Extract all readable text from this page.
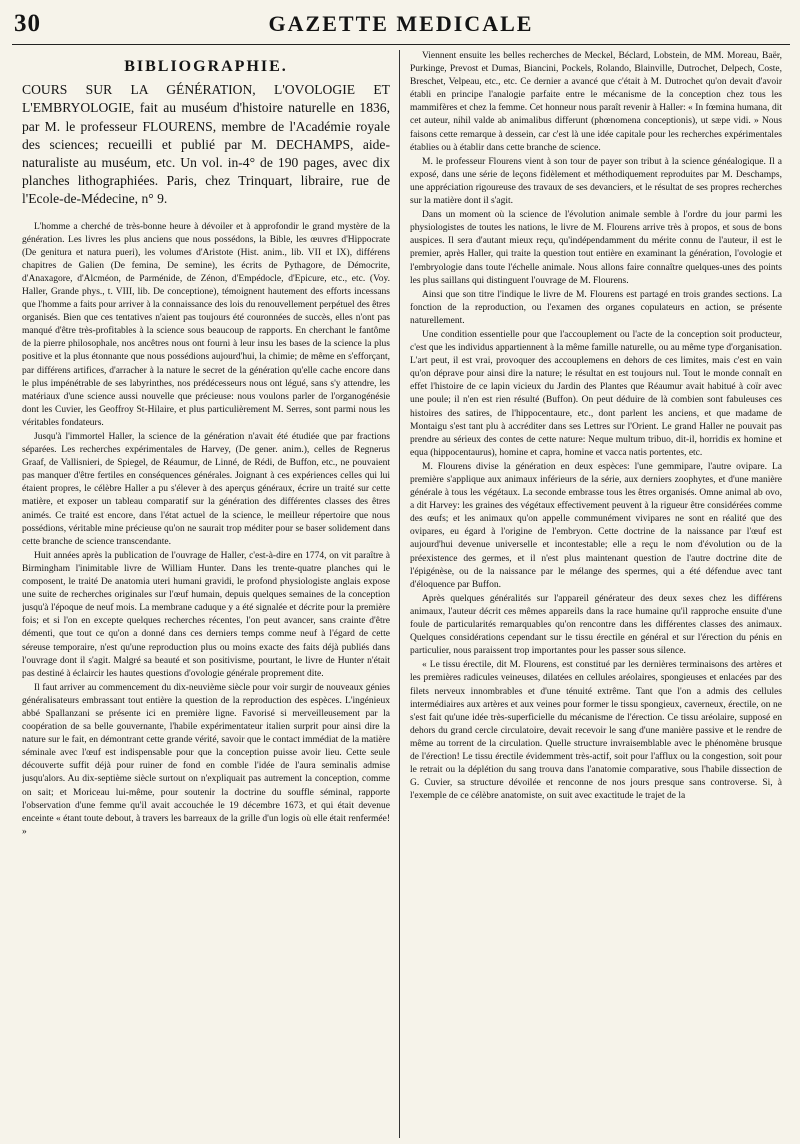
30	GAZETTE MEDICALE
BIBLIOGRAPHIE.

COURS SUR LA GÉNÉRATION, L'OVOLOGIE ET L'EMBRYOLOGIE, fait au muséum d'histoire naturelle en 1836, par M. le professeur FLOURENS, membre de l'Académie royale des sciences; recueilli et publié par M. DECHAMPS, aide-naturaliste au muséum, etc. Un vol. in-4° de 190 pages, avec dix planches lithographiées. Paris, chez Trinquart, libraire, rue de l'Ecole-de-Médecine, n° 9.

L'homme a cherché de très-bonne heure à dévoiler et à approfondir le grand mystère de la génération. Les livres les plus anciens que nous possédons, la Bible, les œuvres d'Hippocrate (De genitura et natura pueri), les volumes d'Aristote (Hist. anim., lib. VII et IX), différens chapitres de Galien (De femina, De semine), les écrits de Pythagore, de Démocrite, d'Anaxagore, d'Alcméon, de Parménide, de Zénon, d'Empédocle, d'Epicure, etc., etc. (Voy. Haller, Grande phys., t. VIII, lib. De conceptione), témoignent hautement des efforts incessans que l'homme a faits pour arriver à la connaissance des lois du renouvellement perpétuel des êtres organisés. Bien que ces tentatives n'aient pas toujours été couronnées de succès, elles n'ont pas manqué d'être très-profitables à la science sous beaucoup de rapports. En cherchant le fantôme de la pierre philosophale, nos ancêtres nous ont fourni à leur insu les bases de la science la plus positive et la plus étonnante que nous possédions aujourd'hui, la chimie; de même en s'efforçant, par différens artifices, d'arracher à la nature le secret de la génération qu'elle cache encore dans le plus impénétrable de ses labyrinthes, nos prédécesseurs nous ont légué, sans s'y attendre, les matériaux d'une science aussi nouvelle que précieuse: nous voulons parler de l'organogénésie dont les Cuvier, les Geoffroy St-Hilaire, et plus particulièrement M. Serres, sont parmi nous les véritables fondateurs.

Jusqu'à l'immortel Haller, la science de la génération n'avait été étudiée que par fractions séparées. Les recherches expérimentales de Harvey, (De gener. anim.), celles de Regnerus Graaf, de Vallisnieri, de Spiegel, de Réaumur, de Linné, de Rédi, de Buffon, etc., ne pouvaient pas manquer d'être fertiles en conséquences générales. Joignant à ces expériences celles qui lui étaient propres, le célèbre Haller a pu s'élever à des aperçus généraux, écrire un traité sur cette matière, et exposer un tableau comparatif sur la génération des différentes classes des êtres animés. Ce traité est encore, dans l'état actuel de la science, le meilleur répertoire que nous possédions, véritable mine précieuse qu'on ne saurait trop méditer pour se baser solidement dans cette branche de science transcendante.

Huit années après la publication de l'ouvrage de Haller, c'est-à-dire en 1774, on vit paraître à Birmingham l'inimitable livre de William Hunter. Dans les trente-quatre planches qui le composent, le traité De anatomia uteri humani gravidi, le profond physiologiste anglais expose une suite de recherches originales sur l'œuf humain, depuis quelques semaines de la conception jusqu'à l'époque de neuf mois. La membrane caduque y a été signalée et décrite pour la première fois; et si l'on en excepte quelques recherches récentes, l'on peut avancer, sans crainte d'être démenti, que tout ce qu'on a donné dans ces derniers temps comme neuf à l'égard de cette séreuse temporaire, n'est qu'une reproduction plus ou moins exacte des faits déjà publiés dans l'ouvrage dont il s'agit. Malgré sa beauté et son positivisme, pourtant, le livre de Hunter n'était pas destiné à éclaircir les hautes questions d'ovologie générale proprement dite.

Il faut arriver au commencement du dix-neuvième siècle pour voir surgir de nouveaux génies généralisateurs embrassant tout entière la question de la reproduction des espèces. L'ingénieux abbé Spallanzani se présente ici en première ligne. Favorisé si merveilleusement par la coopération de sa belle gouvernante, l'habile expérimentateur italien surprit pour ainsi dire la nature sur le fait, en démontrant cette grande vérité, savoir que le contact immédiat de la matière séminale avec l'œuf est indispensable pour que la conception puisse avoir lieu. Cette seule découverte suffit déjà pour ruiner de fond en comble l'idée de l'aura seminalis admise jusqu'alors. Au dix-septième siècle surtout on n'expliquait pas autrement la conception, comme on sait; et Moriceau lui-même, pour soutenir la doctrine du souffle séminal, rapporte l'observation d'une femme qu'il avait accouchée le 19 décembre 1673, et qui était devenue enceinte « étant toute debout, à travers les barreaux de la grille d'un logis où elle était renfermée! »

Viennent ensuite les belles recherches de Meckel, Béclard, Lobstein, de MM. Moreau, Baër, Purkinge, Prevost et Dumas, Biancini, Pockels, Rolando, Blainville, Dutrochet, Delpech, Coste, Breschet, Velpeau, etc., etc. Ce dernier a avancé que c'était à M. Dutrochet qu'on devait d'avoir établi en principe l'analogie parfaite entre le mécanisme de la conception chez tous les mammifères et chez la femme. Cet honneur nous paraît revenir à Haller: « In fœmina humana, dit cet auteur, nihil valde ab animalibus differunt (phœnomena conceptionis), ut sæpe vidi. » Nous faisons cette remarque à dessein, car c'est là une idée capitale pour les recherches expérimentales établies ou à établir dans cette branche de science.

M. le professeur Flourens vient à son tour de payer son tribut à la science généalogique. Il a exposé, dans une série de leçons fidèlement et méthodiquement reproduites par M. Deschamps, une appréciation rigoureuse des travaux de ses devanciers, et le résultat de ses propres recherches sur la matière dont il s'agit.

Dans un moment où la science de l'évolution animale semble à l'ordre du jour parmi les physiologistes de toutes les nations, le livre de M. Flourens arrive très à propos, et sous de bons auspices. Il sera d'autant mieux reçu, qu'indépendamment du mérite connu de l'auteur, il est le premier, après Haller, qui traite la question tout entière en examinant la génération, l'ovologie et l'embryologie dans toute l'échelle animale. Nous allons faire connaître quelques-unes des points les plus saillans qui distinguent l'ouvrage de M. Flourens.

Ainsi que son titre l'indique le livre de M. Flourens est partagé en trois grandes sections. La fonction de la reproduction, ou l'examen des organes copulateurs en action, se présente naturellement.

Une condition essentielle pour que l'accouplement ou l'acte de la conception soit producteur, c'est que les individus appartiennent à la même famille naturelle, ou au même type d'organisation. L'art peut, il est vrai, provoquer des accouplemens en dehors de ces limites, mais c'est en vain qu'on déprave pour ainsi dire la nature; le résultat en est toujours nul. Tout le monde connaît en effet l'histoire de ce lapin vicieux du Jardin des Plantes que Réaumur avait habitué à coïr avec une poule; il n'en est rien résulté (Buffon). On peut déduire de là combien sont fabuleuses ces histoires des satires, de l'hippocentaure, etc., dont parlent les anciens, et que madame de Montaigu s'est tant plu à accréditer dans ses Lettres sur l'Orient. Le grand Haller ne pouvait pas prendre au sérieux des contes de cette nature: Neque multum tribuo, dit-il, horridis ex homine et equa (hippocentaurus), homine et capra, homine et vacca natis portentes, etc.

M. Flourens divise la génération en deux espèces: l'une gemmipare, l'autre ovipare. La première s'applique aux animaux inférieurs de la série, aux derniers zoophytes, et d'une manière générale à tous les végétaux. La seconde embrasse tous les êtres organisés. Omne animal ab ovo, a dit Harvey: les graines des végétaux effectivement peuvent à la rigueur être considérées comme des œufs; et les animaux qu'on appelle communément vivipares ne sont en réalité que des ovipares, eu égard à l'origine de l'embryon. Cette doctrine de la naissance par l'œuf est aujourd'hui devenue universelle et incontestable; elle a reçu le nom d'évolution ou de la préexistence des germes, et il n'est plus maintenant question de l'autre doctrine dite de l'épigénèse, ou de la naissance par le mélange des spermes, qui a été défendue avec tant d'éloquence par Buffon.

Après quelques généralités sur l'appareil générateur des deux sexes chez les différens animaux, l'auteur décrit ces mêmes appareils dans la race humaine qu'il rapproche ensuite d'une foule de particularités remarquables qu'on rencontre dans les différentes classes des animaux. Quelques considérations cependant sur le tissu érectile en général et sur l'érection du pénis en particulier, nous paraissent trop importantes pour les passer sous silence.

« Le tissu érectile, dit M. Flourens, est constitué par les dernières terminaisons des artères et les premières radicules veineuses, dilatées en cellules aréolaires, spongieuses et enlacées par des filets nerveux innombrables et d'une ténuité extrême. Tant que l'on a admis des cellules intermédiaires aux artères et aux veines pour former le tissu spongieux, caverneux, érectile, on ne s'est fait qu'une idée très-superficielle du mécanisme de l'érection. Ce tissu aréolaire, supposé en dehors du grand cercle circulatoire, devait recevoir le sang d'une manière passive et le rendre de même au torrent de la circulation. Quelle structure invraisemblable avec le phénomène brusque de l'érection! Le tissu érectile évidemment très-actif, soit pour l'afflux ou la congestion, soit pour le retrait ou la déplétion du sang trouva dans l'anatomie comparative, sous l'habile dissection de G. Cuvier, sa structure dévoilée et renconne de nos jours presque sans controverse. Si, à l'exemple de ce célèbre anatomiste, on suit avec exactitude le trajet de la
